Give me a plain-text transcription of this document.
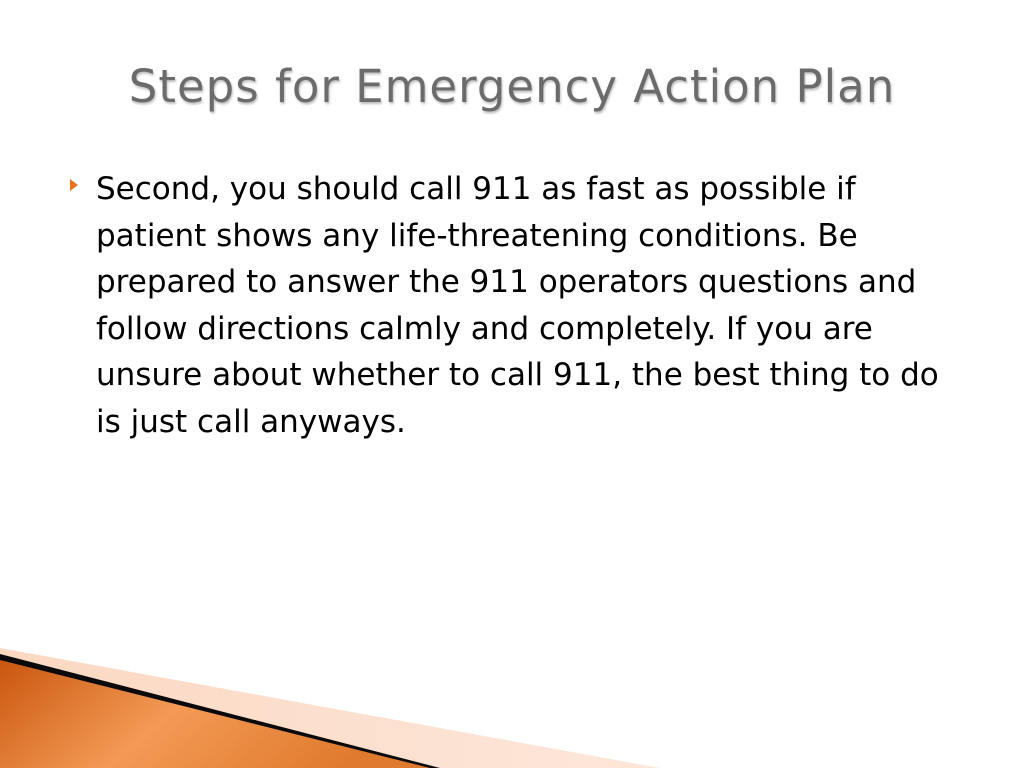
Steps for Emergency Action Plan

Second, you should call 911 as fast as possible if patient shows any life-threatening conditions. Be prepared to answer the 911 operators questions and follow directions calmly and completely. If you are unsure about whether to call 911, the best thing to do is just call anyways.
